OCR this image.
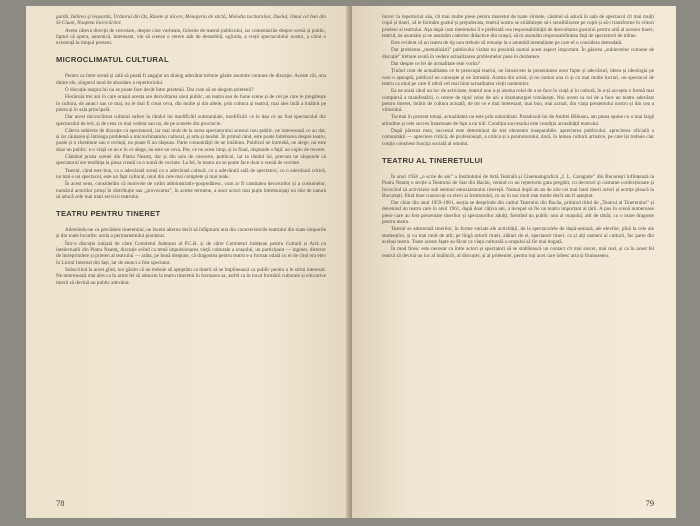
gardă, Iubirea și leoparda, Urătorul din Oz, Râsete și tăcere, Menajeria de sticlă, Melodia taciturnilor, Duelul, Omul cel bun din Sî-Ciuan, Noaptea încercărilor.

Avem câteva direcții de cercetare, despre care vorbeam, folosite de teatrul publicului, iar comentariile despre scenă și public, faptul că opera, autentică, interesant, vin să creeze o cerere atât de deosebită, oglinda, a vieții spectacolului nostru, a cărui o existență la timpul prezent.

MICROCLIMATUL CULTURAL

Pentru ca între scenă și sală să poată fi angajat un dialog adevărat trebuie găsite anumite comune de discuție. Aceste căi, una dintre ele, singurul mod de abordare a repertoriului.

O discuție asupra lui nu se poate face decât între prietenii. Dar cum să ne alegem prietenii?

Fiecăruia trei ani în care orașul acesta are dezvoltarea unui public, un teatru sau de bune scene și de cel pe care le pregătește în cultura, de atunci sau ce mai, nu le mai fi creat ceva, din multe și din altele, prin cultura și teatrul, mai ales întâi a întâlnit pe piatra și în sala principală.

Dar acest microclimat cultural sufere la rândul lui modificări substanțiale, modificări ce le dau ce au fost spectacolul din spectacolul de ieri, și de ceea ce mai vedem sau nu, de pe scenele din provincie.

Câteva subiecte de discuție cu spectatorul, iar mai mult de la sursa spectatorului acestui nou public, ne interesează ce au dat, și iar căutarea și întreaga problemă a microclimatului cultural, și arta și modul. În primul rând, este poate întrebarea despre teatru, poate și o chestiune sau o cerință, nu poate fi un răspuns. Parte comunității de ne întâlnim. Publicul ne întreabă, ne alege, nu este doar un public: e o viață ce nu e în ce alege, nu este un ceva. Pot, ce ne acest timp, și în final, răspunde o față: un cuplu de trecere.

Cântând proba scenei din Piatra Neamț, dar și din sala de concerte, publicul, iar la rândul lui, precum ne răspunde că spectatorul are tendința la piesa creată ca o sumă de cuvinte. La fel, în teatru nu se poate face doar o scenă de cuvinte.

Teatrul, când este bun, ca o adevărată scenă cu o adevărată cultură, cu o adevărată sală de spectatori, cu o adevărată critică, nu mai e un spectacol, este un fapt cultural, unul din cele mai complete și mai reale.

În acest sens, considerăm că motivele de ordin administrativ-gospodăresc, cum ar fi cantitatea decorurilor și a costumelor, numărul actorilor prinși în distribuție sau „provocarea”, în aceste termene, a unor actori mai puțin întrebuințați nu sînt de natură să aducă cele mai mari servicii teatrului.

TEATRU PENTRU TINERET

Adresîndu-ne cu precădere tineretului, ne facem alterna decît să înfăptuim una din caracteristicile teatrului din toate timpurile și din toate locurile: acela a permanentului pionierat.

Într-o discuție inițiată de către Comitetul Județean al P.C.R. și de către Comitetul Județean pentru Cultură și Artă cu intelectualii din Piatra Neamț, discuție avînd ca temă impulsionarea vieții culturale a orașului, un participant — inginer, director de întreprindere și prieten al teatrului — arăta, pe bună dreptate, că dragostea pentru teatru s-a format odată cu el de cînd era elev în Liceul Internat din Iași, iar de atunci a fost spectator.

Subscriind la acest gînd, noi găsim că nu trebuie să așteptăm ca tinerii să se împlinească ca public pentru a le stîrni interesul. Ne interesează mai ales ca în acest fel să aducem la teatru tineretul în formarea sa, astfel ca în locul formării culturale și educative tinerii să devină un public adevărat.

78

încerc la repertoriul său, cît mai multe piese pentru tineretul de toate vîrstele, căutînd să aducă în sala de spectacol cît mai mulți copii și tineri, să le formăm gustul și prejudecata, teatrul nostru se străduiește să-i sensibilizeze pe copii și să-i transforme în viitori prieteni ai teatrului. Așa după cum tineretului îi e preferată cea responsabilității de dezvoltarea gustului pentru artă al acestor tineri; teatrul, ne asumăm și ne asumăm cadrelor didactice din orașul, să ni asumăm responsabilitatea față de spectatorii de mîine.

Este evident că un teatru de tip nou trebuie să renunțe la o anumită mentalitate pe care el o considera demodată.

Dar problema „mentalizării” publicului vizitat nu prezintă numai acest aspect important. În găsirea „subiectelor comune de discuție” trebuie avută în vedere actualizarea problemelor puse în dezbatere.

Dar despre ce fel de actualitate este vorba?

Ținînd cont de actualitatea ce le preocupă teatrul, ne întoarcem la prezentarea unor fapte și adevăruri, ideea și ideologia pe care o așteaptă, publicul ne cunoaște și ne întreabă. Acesta din urmă, și nu numai una ci și cu mai multe lucruri, un spectacol de teatru ca unul pe care îl oferă cel mai bine actualitatea vieții oamenilor.

Ea ne arată când un loc de activitate, teatrul nou a-și asuma rolul de a se face în viață și în cultură, în a-și accepta o formă mai complexă a manifestării, o cerere de tipul celor de azi a dramaturgiei românești. Noi avem ca rol de a face un teatru adevărat pentru tineret, întărit de cultura actuală, de tot ce e mai interesant, mai bun, mai actual, din viața prezentului nostru și din cea a viitorului.

Tocmai în prezent totuși, actualitatea nu este prin naturalism. Paradoxul-lui de Andrei Băleanu, am putea spune cu o mai largă atitudine și cele succes însemnate de fapt a nu trăi. Condiția succesului este condiția actualității teatrului.

După părerea mea, succesul este determinat de trei elemente inseparabile: aprecierea publicului, aprecierea oficială a comunității — apreciere critică, de profesioniști, a critica și a promotorului, dacă, în lumea culturii artistice, pe care își trebuie clar conțin conștient funcția socială al omului.

TEATRU AL TINERETULUI

În anul 1958 „o scrie de ani” a Institutului de Artă Teatrală și Cinematografică „I. L. Caragiale” din București înființează la Piatra Neamț o secție a Teatrului de Stat din Bacău, venind cu un repertoriu gata pregătit, cu decoruri și costume confecționate și încercînd să activizeze sub semnul entuziasmului tinereții. Numai după un an de zile cei mai buni tineri actori și actrițe pleacă la București, fiind bine cunoscuți ca elevi ai Institutului, ce au în noi mult mai multe decît am fi așteptat.

Dar chiar din anul 1959-1961, secția se desprinde din cadrul Teatrului din Bacău, primind titlul de „Teatrul al Tineretului” și devenind un teatru care în anul 1961, după doar câțiva ani, a început să fie un teatru important al țării. A pus în scenă numeroase piese care au fost prezentate tinerilor și spectatorilor adulți, formînd un public nou al orașului, atît de tânăr, cu o mare dragoste pentru teatru.

Teatrul se adresează tinerilor, în forme variate ale activității, de la spectacolele de după-amiază, ale elevilor, pînă la cele ale studenților, și cu mai mult de atît; pe lîngă actorii tineri, alături de ei, spectatori tineri, ca și alți oameni ai culturii, fac parte din același teatru. Toate aceste fapte au făcut ca viața culturală a orașului să fie mai bogată.

În mod firesc este necesar ca între actori și spectatori să se stabilească un contact cît mai sincer, mai real, și ca în acest fel teatrul să devină un loc al întâlnirii, al discuției, și al prieteniei, pentru toți acei care iubesc arta și frumusețea.

79
